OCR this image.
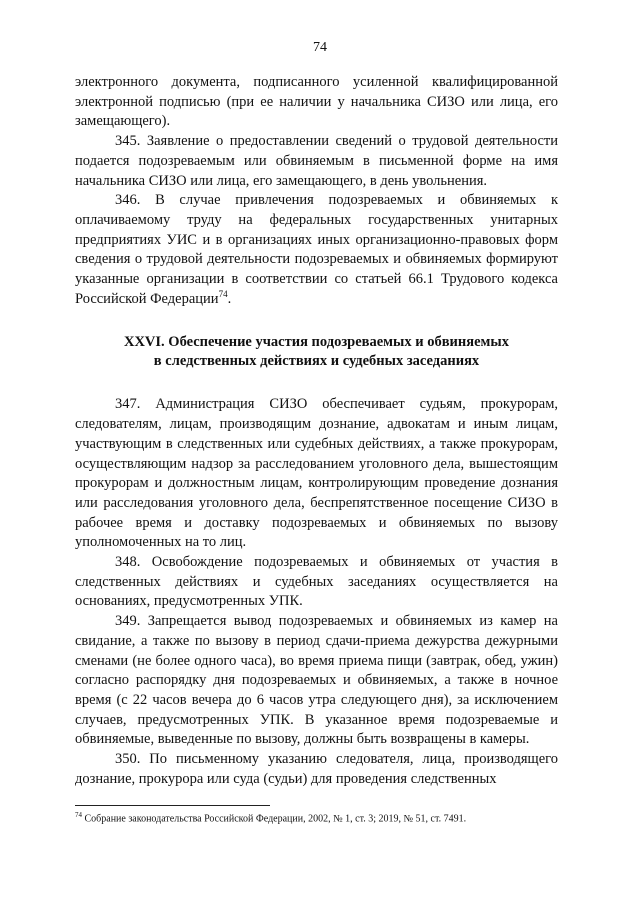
74

электронного документа, подписанного усиленной квалифицированной электронной подписью (при ее наличии у начальника СИЗО или лица, его замещающего).

345. Заявление о предоставлении сведений о трудовой деятельности подается подозреваемым или обвиняемым в письменной форме на имя начальника СИЗО или лица, его замещающего, в день увольнения.

346. В случае привлечения подозреваемых и обвиняемых к оплачиваемому труду на федеральных государственных унитарных предприятиях УИС и в организациях иных организационно-правовых форм сведения о трудовой деятельности подозреваемых и обвиняемых формируют указанные организации в соответствии со статьей 66.1 Трудового кодекса Российской Федерации$^{74}$.

XXVI. Обеспечение участия подозреваемых и обвиняемых
в следственных действиях и судебных заседаниях

347. Администрация СИЗО обеспечивает судьям, прокурорам, следователям, лицам, производящим дознание, адвокатам и иным лицам, участвующим в следственных или судебных действиях, а также прокурорам, осуществляющим надзор за расследованием уголовного дела, вышестоящим прокурорам и должностным лицам, контролирующим проведение дознания или расследования уголовного дела, беспрепятственное посещение СИЗО в рабочее время и доставку подозреваемых и обвиняемых по вызову уполномоченных на то лиц.

348. Освобождение подозреваемых и обвиняемых от участия в следственных действиях и судебных заседаниях осуществляется на основаниях, предусмотренных УПК.

349. Запрещается вывод подозреваемых и обвиняемых из камер на свидание, а также по вызову в период сдачи-приема дежурства дежурными сменами (не более одного часа), во время приема пищи (завтрак, обед, ужин) согласно распорядку дня подозреваемых и обвиняемых, а также в ночное время (с 22 часов вечера до 6 часов утра следующего дня), за исключением случаев, предусмотренных УПК. В указанное время подозреваемые и обвиняемые, выведенные по вызову, должны быть возвращены в камеры.

350. По письменному указанию следователя, лица, производящего дознание, прокурора или суда (судьи) для проведения следственных

$^{74}$ Собрание законодательства Российской Федерации, 2002, № 1, ст. 3; 2019, № 51, ст. 7491.
